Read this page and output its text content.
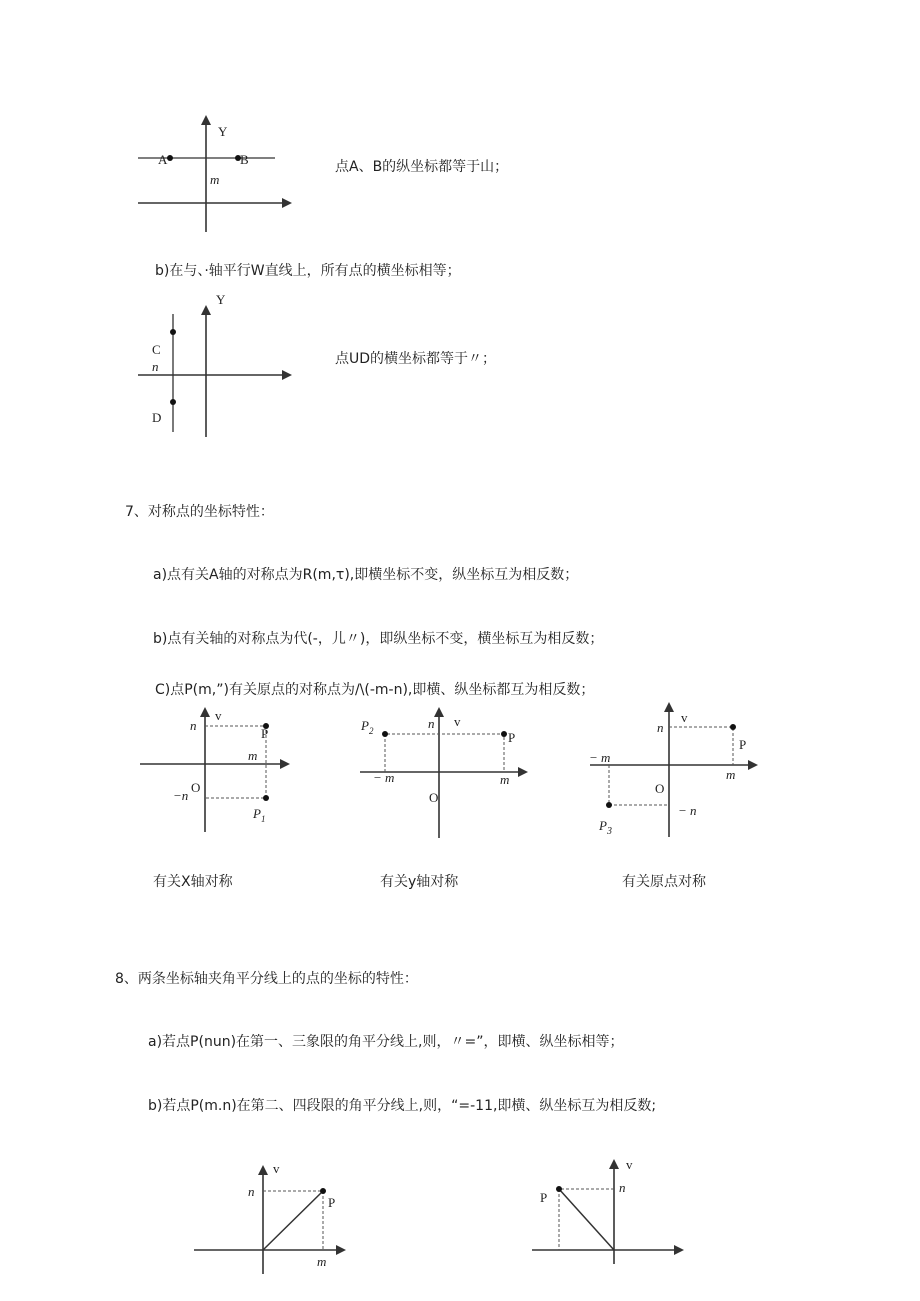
Y
A	B
m
点A、B的纵坐标都等于山；
b)在与、·轴平行W直线上，所有点的横坐标相等；
Y
C
n
D
点UD的横坐标都等于〃；
7、对称点的坐标特性：
a)点有关A轴的对称点为R(m,τ),即横坐标不变，纵坐标互为相反数；
b)点有关轴的对称点为代(-，儿〃)，即纵坐标不变，横坐标互为相反数；
C)点P(m,”)有关原点的对称点为/\(-m-n),即横、纵坐标都互为相反数；
n
v
P
m
O
−n
$P_1$
$P_2$	n v
P
− m	m
O
n
v
− m
P
m
O
− n
$P_3$
有关X轴对称	有关y轴对称	有关原点对称
8、两条坐标轴夹角平分线上的点的坐标的特性：
a)若点P(nun)在第一、三象限的角平分线上,则，〃=”，即横、纵坐标相等；
b)若点P(m.n)在第二、四段限的角平分线上,则，“=-11,即横、纵坐标互为相反数;
v
n
P
m
v
P
n
